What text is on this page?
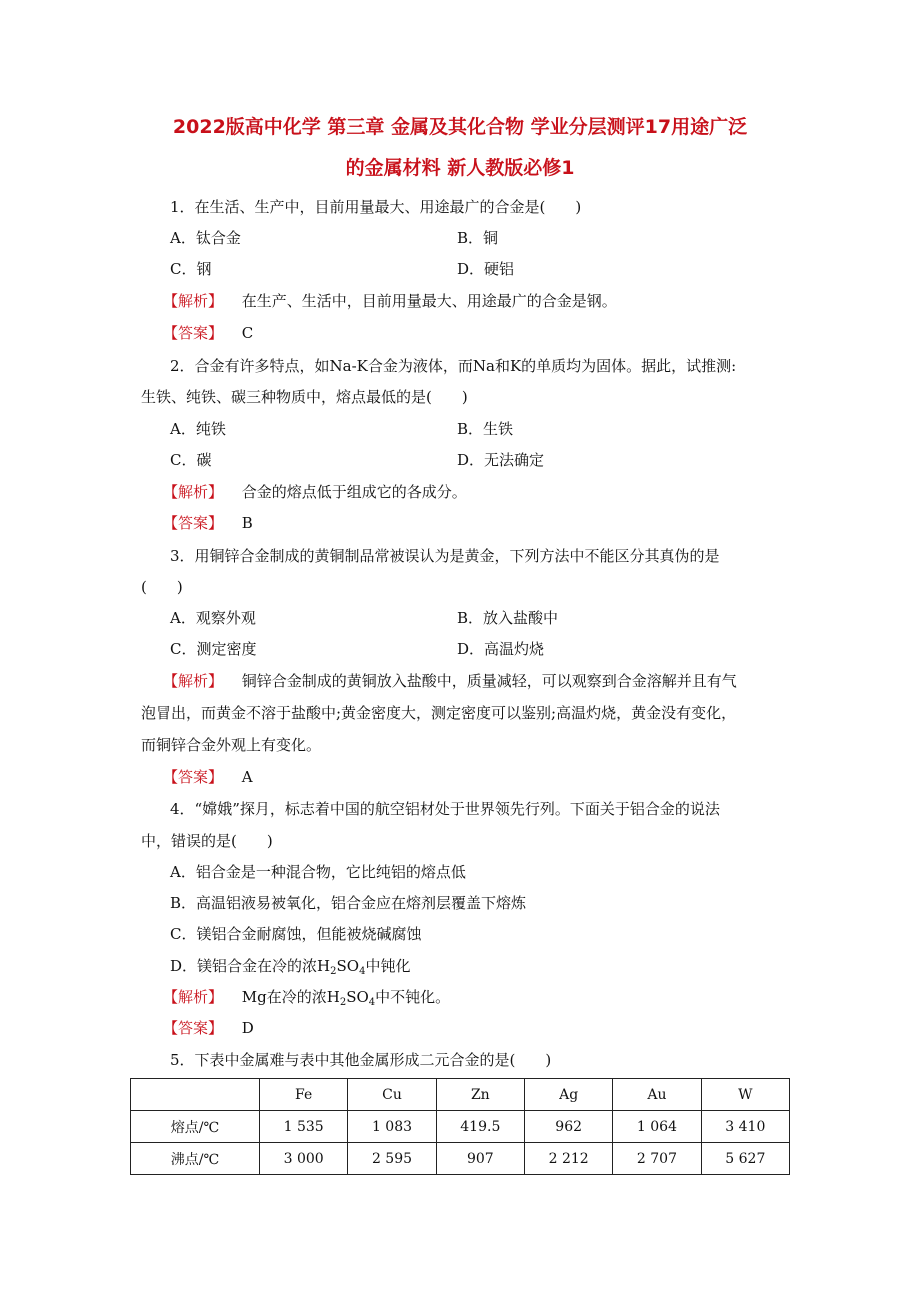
2022版高中化学 第三章 金属及其化合物 学业分层测评17用途广泛
的金属材料 新人教版必修1
1．在生活、生产中，目前用量最大、用途最广的合金是(　　)
A．钛合金	B．铜
C．钢	D．硬铝
【解析】 在生产、生活中，目前用量最大、用途最广的合金是钢。
【答案】 C
2．合金有许多特点，如Na-K合金为液体，而Na和K的单质均为固体。据此，试推测:
生铁、纯铁、碳三种物质中，熔点最低的是(　　)
A．纯铁	B．生铁
C．碳	D．无法确定
【解析】 合金的熔点低于组成它的各成分。
【答案】 B
3．用铜锌合金制成的黄铜制品常被误认为是黄金，下列方法中不能区分其真伪的是
(　　)
A．观察外观	B．放入盐酸中
C．测定密度	D．高温灼烧
【解析】 铜锌合金制成的黄铜放入盐酸中，质量减轻，可以观察到合金溶解并且有气
泡冒出，而黄金不溶于盐酸中;黄金密度大，测定密度可以鉴别;高温灼烧，黄金没有变化，
而铜锌合金外观上有变化。
【答案】 A
4．“嫦娥”探月，标志着中国的航空铝材处于世界领先行列。下面关于铝合金的说法
中，错误的是(　　)
A．铝合金是一种混合物，它比纯铝的熔点低
B．高温铝液易被氧化，铝合金应在熔剂层覆盖下熔炼
C．镁铝合金耐腐蚀，但能被烧碱腐蚀
D．镁铝合金在冷的浓$H_2SO_4$中钝化
【解析】 Mg在冷的浓$H_2SO_4$中不钝化。
【答案】 D
5．下表中金属难与表中其他金属形成二元合金的是(　　)
	Fe	Cu	Zn	Ag	Au	W
熔点/℃	1 535	1 083	419.5	962	1 064	3 410
沸点/℃	3 000	2 595	907	2 212	2 707	5 627
